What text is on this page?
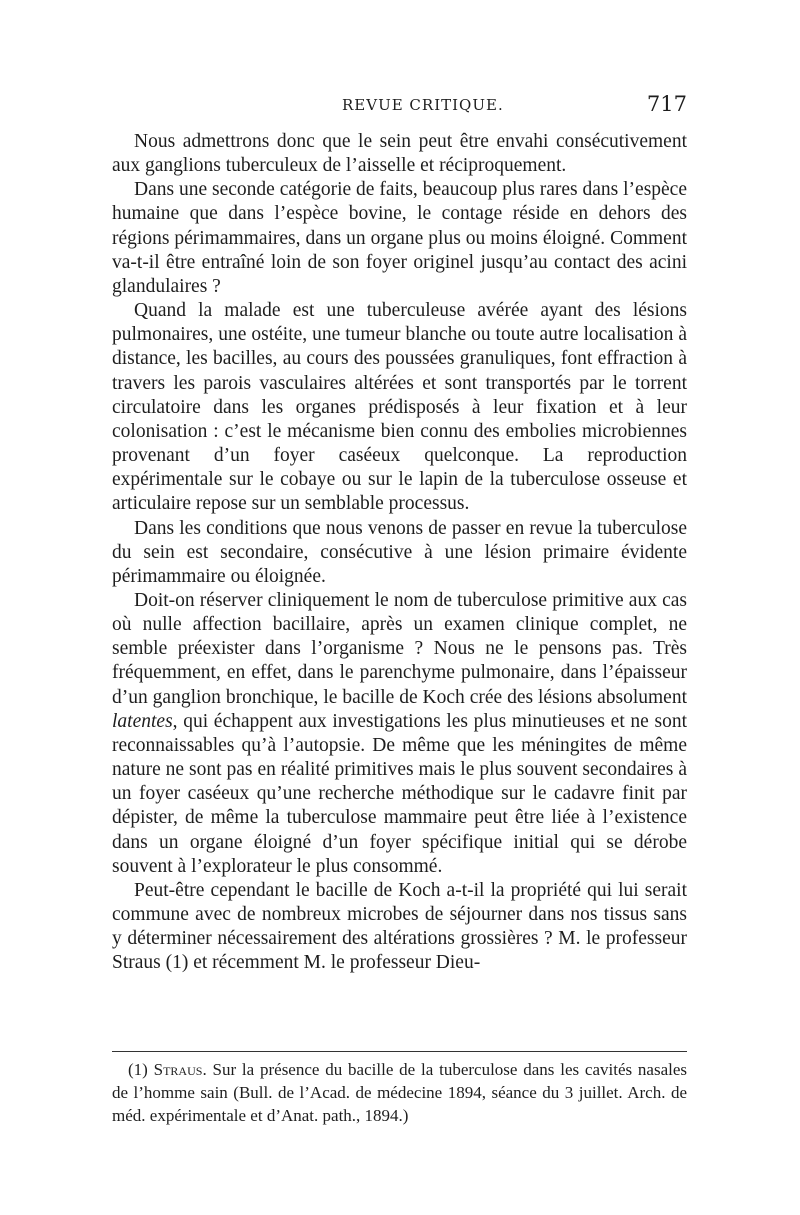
REVUE CRITIQUE.	717

Nous admettrons donc que le sein peut être envahi consécutivement aux ganglions tuberculeux de l’aisselle et réciproquement.

Dans une seconde catégorie de faits, beaucoup plus rares dans l’espèce humaine que dans l’espèce bovine, le contage réside en dehors des régions périmammaires, dans un organe plus ou moins éloigné. Comment va-t-il être entraîné loin de son foyer originel jusqu’au contact des acini glandulaires ?

Quand la malade est une tuberculeuse avérée ayant des lésions pulmonaires, une ostéite, une tumeur blanche ou toute autre localisation à distance, les bacilles, au cours des poussées granuliques, font effraction à travers les parois vasculaires altérées et sont transportés par le torrent circulatoire dans les organes prédisposés à leur fixation et à leur colonisation : c’est le mécanisme bien connu des embolies microbiennes provenant d’un foyer caséeux quelconque. La reproduction expérimentale sur le cobaye ou sur le lapin de la tuberculose osseuse et articulaire repose sur un semblable processus.

Dans les conditions que nous venons de passer en revue la tuberculose du sein est secondaire, consécutive à une lésion primaire évidente périmammaire ou éloignée.

Doit-on réserver cliniquement le nom de tuberculose primitive aux cas où nulle affection bacillaire, après un examen clinique complet, ne semble préexister dans l’organisme ? Nous ne le pensons pas. Très fréquemment, en effet, dans le parenchyme pulmonaire, dans l’épaisseur d’un ganglion bronchique, le bacille de Koch crée des lésions absolument latentes, qui échappent aux investigations les plus minutieuses et ne sont reconnaissables qu’à l’autopsie. De même que les méningites de même nature ne sont pas en réalité primitives mais le plus souvent secondaires à un foyer caséeux qu’une recherche méthodique sur le cadavre finit par dépister, de même la tuberculose mammaire peut être liée à l’existence dans un organe éloigné d’un foyer spécifique initial qui se dérobe souvent à l’explorateur le plus consommé.

Peut-être cependant le bacille de Koch a-t-il la propriété qui lui serait commune avec de nombreux microbes de séjourner dans nos tissus sans y déterminer nécessairement des altérations grossières ? M. le professeur Straus (1) et récemment M. le professeur Dieu-

(1) Straus. Sur la présence du bacille de la tuberculose dans les cavités nasales de l’homme sain (Bull. de l’Acad. de médecine 1894, séance du 3 juillet. Arch. de méd. expérimentale et d’Anat. path., 1894.)
